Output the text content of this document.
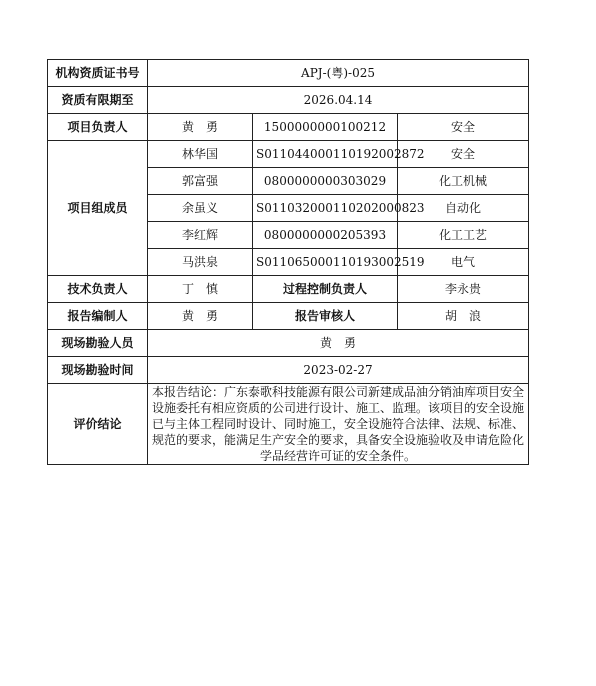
机构资质证书号	APJ-(粤)-025		
资质有限期至	2026.04.14		
项目负责人	黄　勇	1500000000100212	安全
项目组成员	林华国	S011044000110192002872	安全
	郭富强	0800000000303029	化工机械
	余虽义	S011032000110202000823	自动化
	李红辉	0800000000205393	化工工艺
	马洪泉	S011065000110193002519	电气
技术负责人	丁　慎	过程控制负责人	李永贵
报告编制人	黄　勇	报告审核人	胡　浪
现场勘验人员	黄　勇		
现场勘验时间	2023-02-27		
评价结论	本报告结论：广东泰歌科技能源有限公司新建成品油分销油库项目安全设施委托有相应资质的公司进行设计、施工、监理。该项目的安全设施已与主体工程同时设计、同时施工，安全设施符合法律、法规、标准、规范的要求，能满足生产安全的要求，具备安全设施验收及申请危险化学品经营许可证的安全条件。		
